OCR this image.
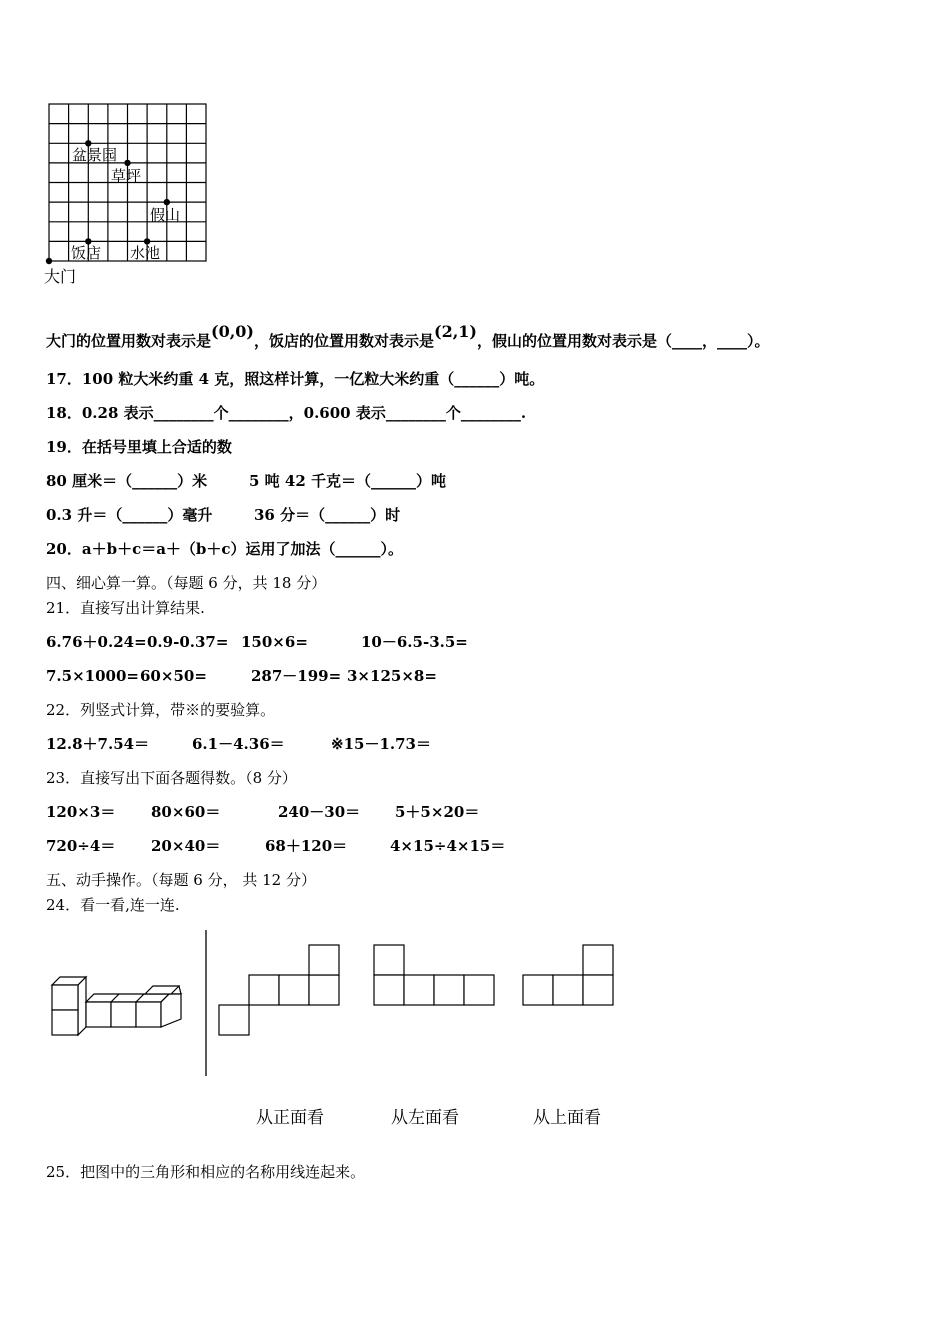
盆景园
草坪
假山
饭店 水池
大门
大门的位置用数对表示是(0,0)，饭店的位置用数对表示是(2,1)，假山的位置用数对表示是（____，____）。
17．100 粒大米约重 4 克，照这样计算，一亿粒大米约重（______）吨。
18．0.28 表示________个________，0.600 表示________个________.
19．在括号里填上合适的数
80 厘米＝（______）米	5 吨 42 千克＝（______）吨
0.3 升＝（______）毫升	36 分＝（______）时
20．a＋b＋c＝a＋（b＋c）运用了加法（______）。
四、细心算一算。（每题 6 分，共 18 分）
21．直接写出计算结果.
6.76＋0.24=0.9-0.37= 150×6=	10－6.5-3.5=
7.5×1000=60×50=	287－199= 3×125×8=
22．列竖式计算，带※的要验算。
12.8＋7.54＝	6.1－4.36＝	※15－1.73＝
23．直接写出下面各题得数。（8 分）
120×3＝ 80×60＝	240－30＝ 5＋5×20＝
720÷4＝ 20×40＝	68＋120＝	4×15÷4×15＝
五、动手操作。（每题 6 分， 共 12 分）
24．看一看,连一连.
从正面看	从左面看	从上面看
25．把图中的三角形和相应的名称用线连起来。
